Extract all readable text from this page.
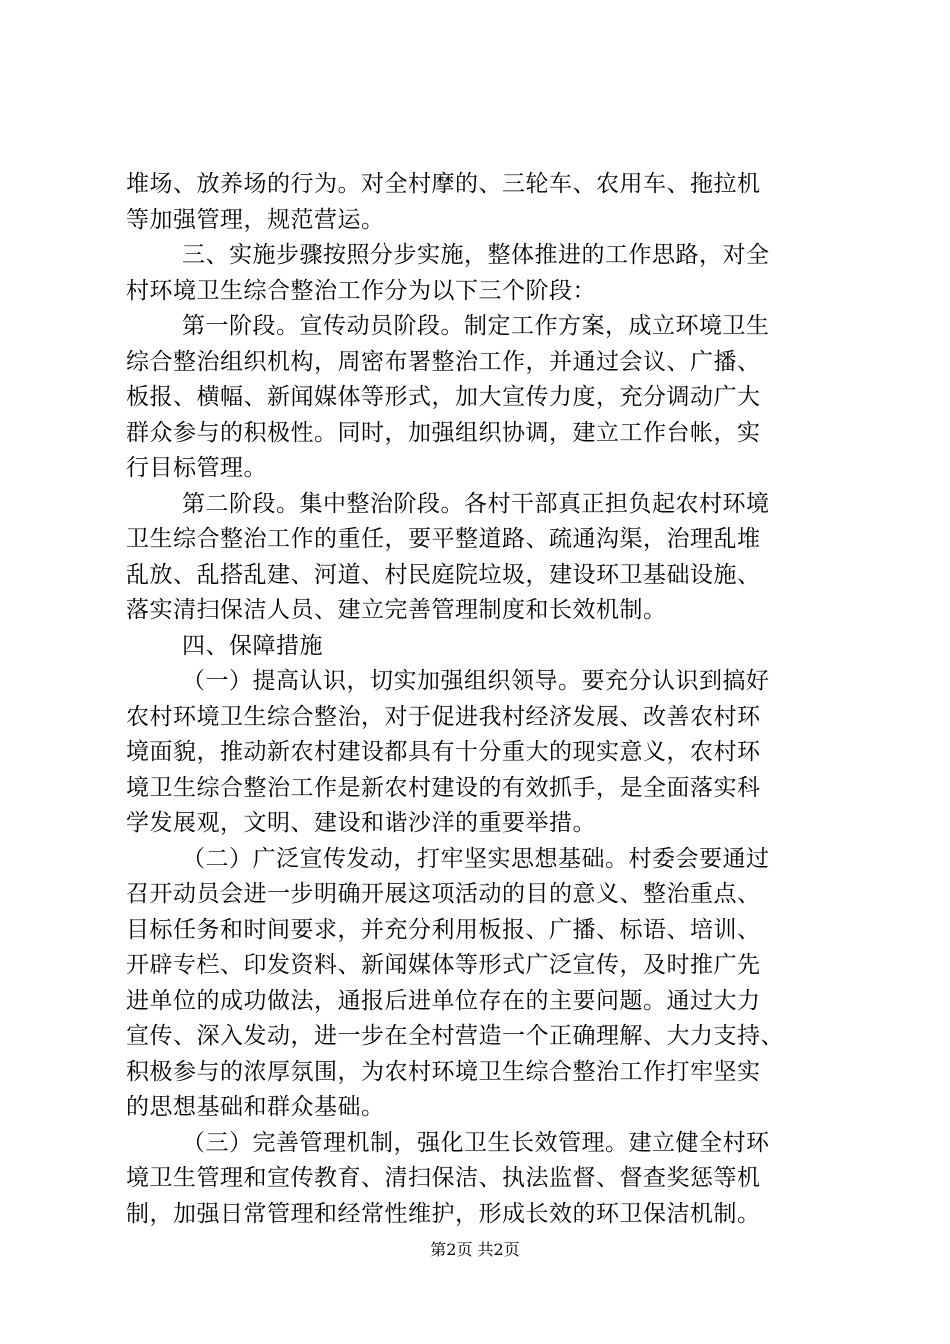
堆场、放养场的行为。对全村摩的、三轮车、农用车、拖拉机
等加强管理，规范营运。
三、实施步骤按照分步实施，整体推进的工作思路，对全
村环境卫生综合整治工作分为以下三个阶段：
第一阶段。宣传动员阶段。制定工作方案，成立环境卫生
综合整治组织机构，周密布署整治工作，并通过会议、广播、
板报、横幅、新闻媒体等形式，加大宣传力度，充分调动广大
群众参与的积极性。同时，加强组织协调，建立工作台帐，实
行目标管理。
第二阶段。集中整治阶段。各村干部真正担负起农村环境
卫生综合整治工作的重任，要平整道路、疏通沟渠，治理乱堆
乱放、乱搭乱建、河道、村民庭院垃圾，建设环卫基础设施、
落实清扫保洁人员、建立完善管理制度和长效机制。
四、保障措施
（一）提高认识，切实加强组织领导。要充分认识到搞好
农村环境卫生综合整治，对于促进我村经济发展、改善农村环
境面貌，推动新农村建设都具有十分重大的现实意义，农村环
境卫生综合整治工作是新农村建设的有效抓手，是全面落实科
学发展观，文明、建设和谐沙洋的重要举措。
（二）广泛宣传发动，打牢坚实思想基础。村委会要通过
召开动员会进一步明确开展这项活动的目的意义、整治重点、
目标任务和时间要求，并充分利用板报、广播、标语、培训、
开辟专栏、印发资料、新闻媒体等形式广泛宣传，及时推广先
进单位的成功做法，通报后进单位存在的主要问题。通过大力
宣传、深入发动，进一步在全村营造一个正确理解、大力支持、
积极参与的浓厚氛围，为农村环境卫生综合整治工作打牢坚实
的思想基础和群众基础。
（三）完善管理机制，强化卫生长效管理。建立健全村环
境卫生管理和宣传教育、清扫保洁、执法监督、督查奖惩等机
制，加强日常管理和经常性维护，形成长效的环卫保洁机制。
第2页 共2页
